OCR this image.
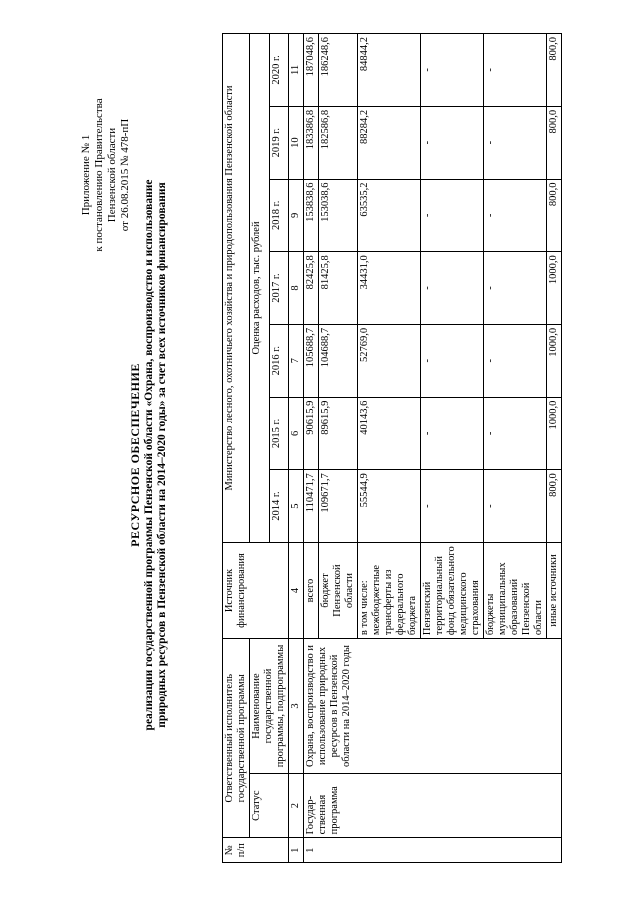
Приложение № 1 к постановлению Правительства Пензенской области от 26.08.2015 № 478-пП
РЕСУРСНОЕ ОБЕСПЕЧЕНИЕ реализации государственной программы Пензенской области «Охрана, воспроизводство и использование природных ресурсов в Пензенской области на 2014–2020 годы» за счет всех источников финансирования
№ п/п	Ответственный исполнитель государственной программы		Источник финансирования	Министерство лесного, охотничьего хозяйства и природопользования Пензенской области						
	Статус	Наименование государственной программы, подпрограммы		Оценка расходов, тыс. рублей						
				2014 г.	2015 г.	2016 г.	2017 г.	2018 г.	2019 г.	2020 г.
1	2	3	4	5	6	7	8	9	10	11
1	Государ-ственная программа	Охрана, воспроизводство и использование природных ресурсов в Пензенской области на 2014–2020 годы	всего	110471,7	90615,9	105688,7	82425,8	153838,6	183386,8	187048,6
			бюджет Пензенской области	109671,7	89615,9	104688,7	81425,8	153038,6	182586,8	186248,6
			в том числе: межбюджетные трансферты из федерального бюджета	55544,9	40143,6	52769,0	34431,0	63535,2	88284,2	84844,2
			Пензенский территориальный фонд обязательного медицинского страхования	-	-	-	-	-	-	-
			бюджеты муниципальных образований Пензенской области	-	-	-	-	-	-	-
			иные источники	800,0	1000,0	1000,0	1000,0	800,0	800,0	800,0
